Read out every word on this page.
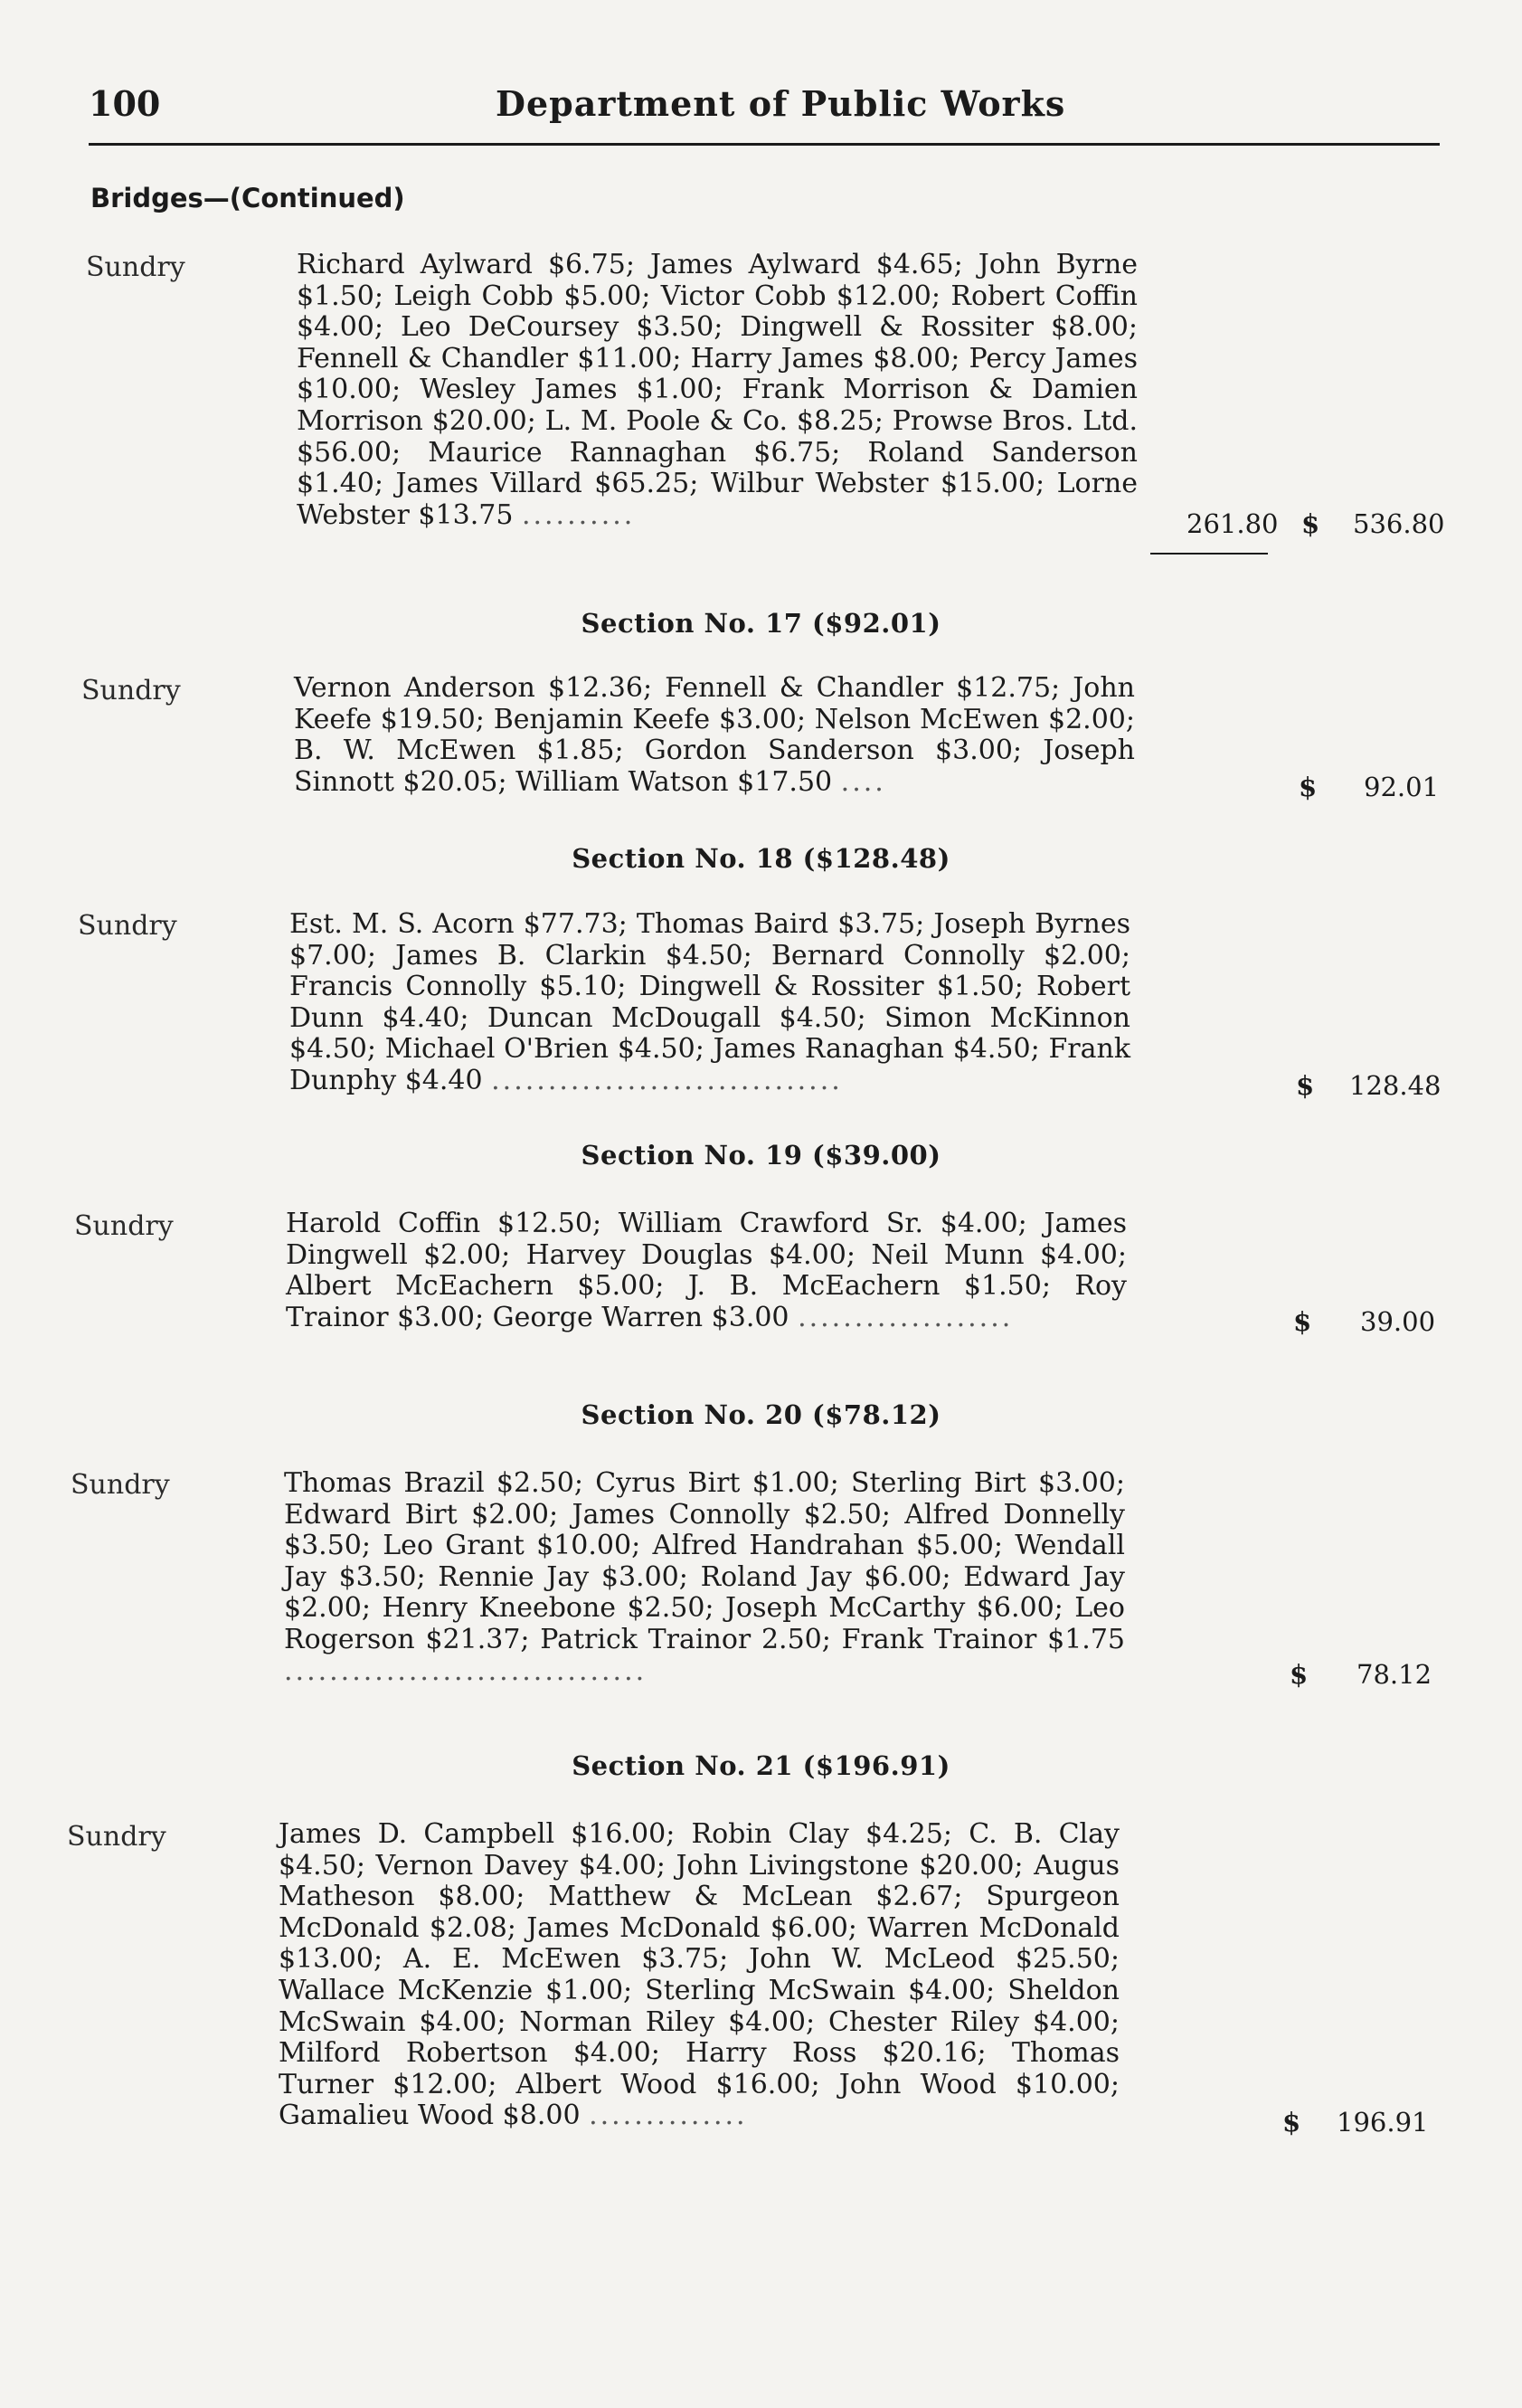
100	Department of Public Works
Bridges—(Continued)
Sundry	Richard Aylward $6.75; James Aylward $4.65; John Byrne $1.50; Leigh Cobb $5.00; Victor Cobb $12.00; Robert Coffin $4.00; Leo DeCoursey $3.50; Dingwell & Rossiter $8.00; Fennell & Chandler $11.00; Harry James $8.00; Percy James $10.00; Wesley James $1.00; Frank Morrison & Damien Morrison $20.00; L. M. Poole & Co. $8.25; Prowse Bros. Ltd. $56.00; Maurice Rannaghan $6.75; Roland Sanderson $1.40; James Villard $65.25; Wilbur Webster $15.00; Lorne Webster $13.75 ..........	261.80 $ 536.80
Section No. 17 ($92.01)
Sundry	Vernon Anderson $12.36; Fennell & Chandler $12.75; John Keefe $19.50; Benjamin Keefe $3.00; Nelson McEwen $2.00; B. W. McEwen $1.85; Gordon Sanderson $3.00; Joseph Sinnott $20.05; William Watson $17.50 ....	$ 92.01
Section No. 18 ($128.48)
Sundry	Est. M. S. Acorn $77.73; Thomas Baird $3.75; Joseph Byrnes $7.00; James B. Clarkin $4.50; Bernard Connolly $2.00; Francis Connolly $5.10; Dingwell & Rossiter $1.50; Robert Dunn $4.40; Duncan McDougall $4.50; Simon McKinnon $4.50; Michael O'Brien $4.50; James Ranaghan $4.50; Frank Dunphy $4.40 ...............................	$ 128.48
Section No. 19 ($39.00)
Sundry	Harold Coffin $12.50; William Crawford Sr. $4.00; James Dingwell $2.00; Harvey Douglas $4.00; Neil Munn $4.00; Albert McEachern $5.00; J. B. McEachern $1.50; Roy Trainor $3.00; George Warren $3.00 ...................	$ 39.00
Section No. 20 ($78.12)
Sundry	Thomas Brazil $2.50; Cyrus Birt $1.00; Sterling Birt $3.00; Edward Birt $2.00; James Connolly $2.50; Alfred Donnelly $3.50; Leo Grant $10.00; Alfred Handrahan $5.00; Wendall Jay $3.50; Rennie Jay $3.00; Roland Jay $6.00; Edward Jay $2.00; Henry Kneebone $2.50; Joseph McCarthy $6.00; Leo Rogerson $21.37; Patrick Trainor 2.50; Frank Trainor $1.75 ................................	$ 78.12
Section No. 21 ($196.91)
Sundry	James D. Campbell $16.00; Robin Clay $4.25; C. B. Clay $4.50; Vernon Davey $4.00; John Livingstone $20.00; Augus Matheson $8.00; Matthew & McLean $2.67; Spurgeon McDonald $2.08; James McDonald $6.00; Warren McDonald $13.00; A. E. McEwen $3.75; John W. McLeod $25.50; Wallace McKenzie $1.00; Sterling McSwain $4.00; Sheldon McSwain $4.00; Norman Riley $4.00; Chester Riley $4.00; Milford Robertson $4.00; Harry Ross $20.16; Thomas Turner $12.00; Albert Wood $16.00; John Wood $10.00; Gamalieu Wood $8.00 ..............	$ 196.91
